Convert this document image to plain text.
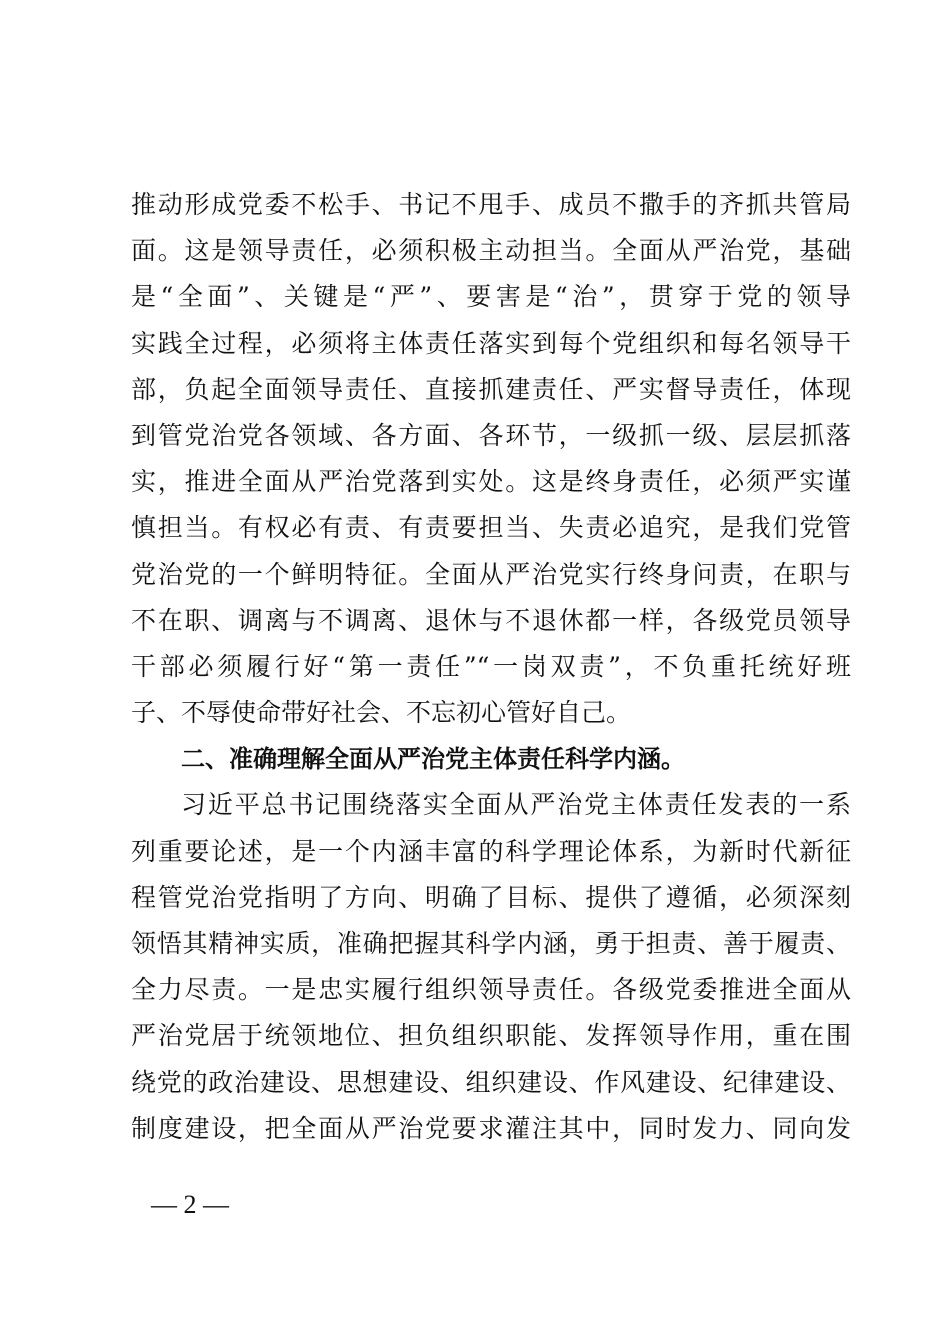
推动形成党委不松手、书记不甩手、成员不撒手的齐抓共管局
面。这是领导责任，必须积极主动担当。全面从严治党，基础
是“全面”、关键是“严”、要害是“治”，贯穿于党的领导
实践全过程，必须将主体责任落实到每个党组织和每名领导干
部，负起全面领导责任、直接抓建责任、严实督导责任，体现
到管党治党各领域、各方面、各环节，一级抓一级、层层抓落
实，推进全面从严治党落到实处。这是终身责任，必须严实谨
慎担当。有权必有责、有责要担当、失责必追究，是我们党管
党治党的一个鲜明特征。全面从严治党实行终身问责，在职与
不在职、调离与不调离、退休与不退休都一样，各级党员领导
干部必须履行好“第一责任”“一岗双责”，不负重托统好班
子、不辱使命带好社会、不忘初心管好自己。
二、准确理解全面从严治党主体责任科学内涵。
习近平总书记围绕落实全面从严治党主体责任发表的一系
列重要论述，是一个内涵丰富的科学理论体系，为新时代新征
程管党治党指明了方向、明确了目标、提供了遵循，必须深刻
领悟其精神实质，准确把握其科学内涵，勇于担责、善于履责、
全力尽责。一是忠实履行组织领导责任。各级党委推进全面从
严治党居于统领地位、担负组织职能、发挥领导作用，重在围
绕党的政治建设、思想建设、组织建设、作风建设、纪律建设、
制度建设，把全面从严治党要求灌注其中，同时发力、同向发
— 2 —
